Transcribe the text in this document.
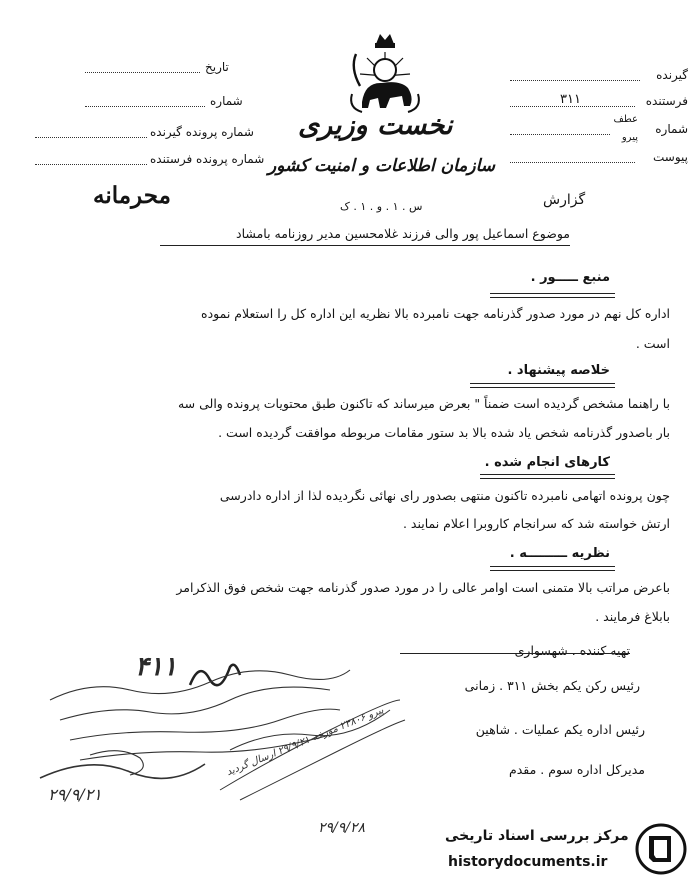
گیرنده
فرستنده
۳۱۱
شماره
عطف
پیرو
پیوست
تاریخ
شماره
شماره پرونده گیرنده
شماره پرونده فرستنده
نخست وزیری
سازمان اطلاعات و امنیت کشور
س . ۱ . و . ۱ . ک
محرمانه	گزارش
موضوع اسماعیل پور والی فرزند غلامحسین مدیر روزنامه بامشاد
منبع ـــــور .
اداره کل نهم در مورد صدور گذرنامه جهت نامبرده بالا نظریه این اداره کل را استعلام نموده
است .
خلاصه پیشنهاد .
با راهنما مشخص گردیده است ضمناً " بعرض میرساند که تاکنون طبق محتویات پرونده والی سه
بار باصدور گذرنامه شخص یاد شده بالا بد ستور مقامات مربوطه موافقت گردیده است .
کارهای انجام شده .
چون پرونده اتهامی نامبرده تاکنون منتهی بصدور رای نهائی نگردیده لذا از اداره دادرسی
ارتش خواسته شد که سرانجام کاروبرا اعلام نمایند .
نظریه ـــــــــه .
باعرض مراتب بالا متمنی است اوامر عالی را در مورد صدور گذرنامه جهت شخص فوق الذکرامر
بابلاغ فرمایند .
تهیه کننده . شهسواری
رئیس رکن یکم بخش ۳۱۱ . زمانی
رئیس اداره یکم عملیات . شاهین
مدیرکل اداره سوم . مقدم
۴۱۱
پیرو ۲۳۸۰۶ مورخه ۲۹/۹/۲۱ ارسال گردید
۲۹/۹/۲۱
۲۹/۹/۲۸	مرکز بررسی اسناد تاریخی
historydocuments.ir
